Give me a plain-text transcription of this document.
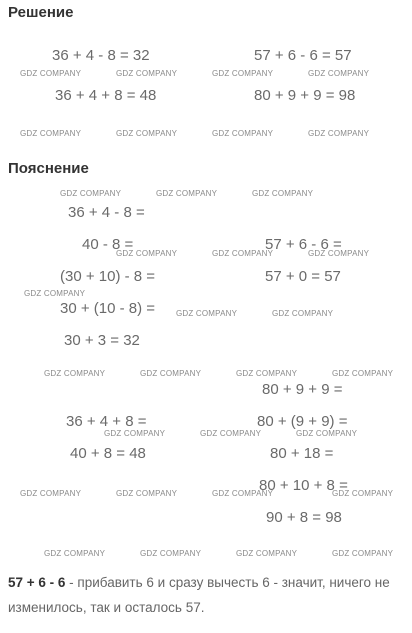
Решение
36 + 4 - 8 = 32	57 + 6 - 6 = 57
36 + 4 + 8 = 48	80 + 9 + 9 = 98
Пояснение
36 + 4 - 8 =
40 - 8 =
(30 + 10) - 8 =
30 + (10 - 8) =
30 + 3 = 32
57 + 6 - 6 =
57 + 0 = 57
36 + 4 + 8 =
40 + 8 = 48
80 + 9 + 9 =
80 + (9 + 9) =
80 + 18 =
80 + 10 + 8 =
90 + 8 = 98

57 + 6 - 6 - прибавить 6 и сразу вычесть 6 - значит, ничего не изменилось, так и осталось 57.

GDZ COMPANY	GDZ COMPANY	GDZ COMPANY	GDZ COMPANY
GDZ COMPANY	GDZ COMPANY	GDZ COMPANY	GDZ COMPANY
GDZ COMPANY	GDZ COMPANY	GDZ COMPANY
GDZ COMPANY	GDZ COMPANY	GDZ COMPANY
GDZ COMPANY
GDZ COMPANY	GDZ COMPANY
GDZ COMPANY	GDZ COMPANY	GDZ COMPANY	GDZ COMPANY
GDZ COMPANY	GDZ COMPANY	GDZ COMPANY
GDZ COMPANY	GDZ COMPANY	GDZ COMPANY	GDZ COMPANY
GDZ COMPANY	GDZ COMPANY	GDZ COMPANY	GDZ COMPANY
